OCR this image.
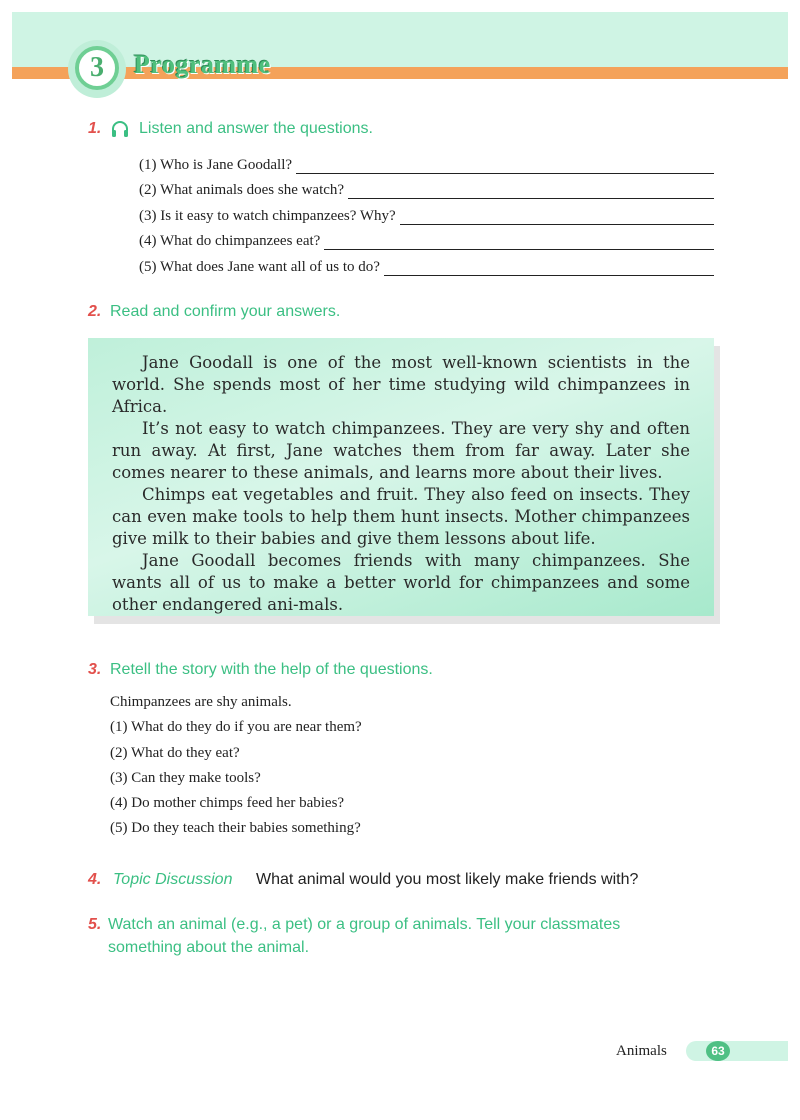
3	Programme
1. Listen and answer the questions.
(1) Who is Jane Goodall?
(2) What animals does she watch?
(3) Is it easy to watch chimpanzees? Why?
(4) What do chimpanzees eat?
(5) What does Jane want all of us to do?
2. Read and confirm your answers.

Jane Goodall is one of the most well-known scientists in the world. She spends most of her time studying wild chimpanzees in Africa.

It’s not easy to watch chimpanzees. They are very shy and often run away. At first, Jane watches them from far away. Later she comes nearer to these animals, and learns more about their lives.

Chimps eat vegetables and fruit. They also feed on insects. They can even make tools to help them hunt insects. Mother chimpanzees give milk to their babies and give them lessons about life.

Jane Goodall becomes friends with many chimpanzees. She wants all of us to make a better world for chimpanzees and some other endangered ani-mals.

3. Retell the story with the help of the questions.
Chimpanzees are shy animals.
(1) What do they do if you are near them?
(2) What do they eat?
(3) Can they make tools?
(4) Do mother chimps feed her babies?
(5) Do they teach their babies something?
4. Topic Discussion What animal would you most likely make friends with?
5. Watch an animal (e.g., a pet) or a group of animals. Tell your classmates
something about the animal.
Animals	63
